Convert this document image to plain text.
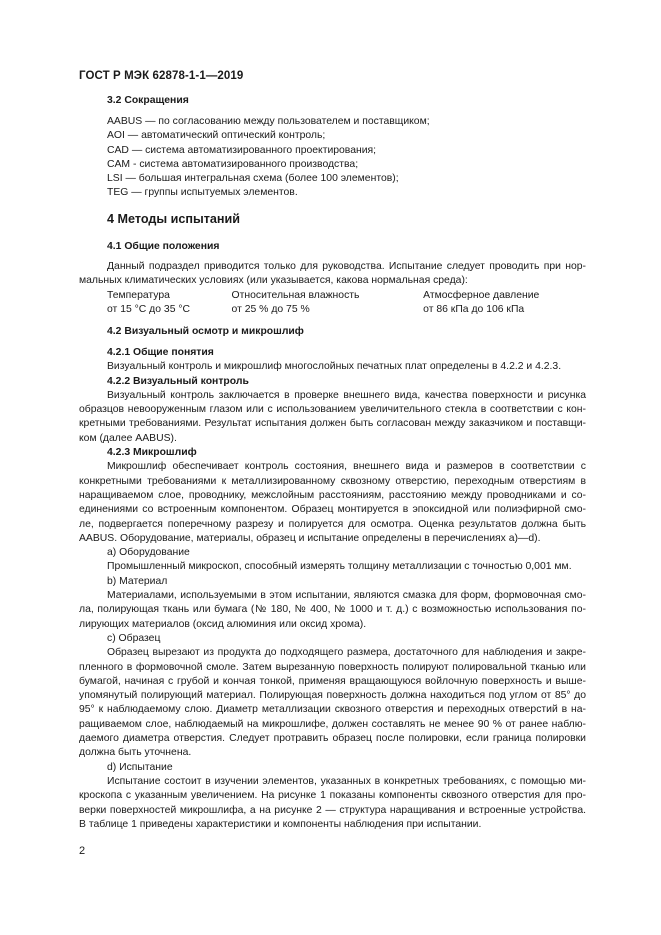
ГОСТ Р МЭК 62878-1-1—2019
3.2 Сокращения
AABUS — по согласованию между пользователем и поставщиком;
AOI — автоматический оптический контроль;
CAD — система автоматизированного проектирования;
CAM - система автоматизированного производства;
LSI — большая интегральная схема (более 100 элементов);
TEG — группы испытуемых элементов.
4 Методы испытаний
4.1 Общие положения
Данный подраздел приводится только для руководства. Испытание следует проводить при нор-
мальных климатических условиях (или указывается, какова нормальная среда):
Температура	Относительная влажность	Атмосферное давление
от 15 °С до 35 °С	от 25 % до 75 %	от 86 кПа до 106 кПа
4.2 Визуальный осмотр и микрошлиф
4.2.1 Общие понятия
Визуальный контроль и микрошлиф многослойных печатных плат определены в 4.2.2 и 4.2.3.
4.2.2 Визуальный контроль
Визуальный контроль заключается в проверке внешнего вида, качества поверхности и рисунка
образцов невооруженным глазом или с использованием увеличительного стекла в соответствии с кон-
кретными требованиями. Результат испытания должен быть согласован между заказчиком и поставщи-
ком (далее AABUS).
4.2.3 Микрошлиф
Микрошлиф обеспечивает контроль состояния, внешнего вида и размеров в соответствии с
конкретными требованиями к металлизированному сквозному отверстию, переходным отверстиям в
наращиваемом слое, проводнику, межслойным расстояниям, расстоянию между проводниками и со-
единениями со встроенным компонентом. Образец монтируется в эпоксидной или полиэфирной смо-
ле, подвергается поперечному разрезу и полируется для осмотра. Оценка результатов должна быть
AABUS. Оборудование, материалы, образец и испытание определены в перечислениях а)—d).
а) Оборудование
Промышленный микроскоп, способный измерять толщину металлизации с точностью 0,001 мм.
b) Материал
Материалами, используемыми в этом испытании, являются смазка для форм, формовочная смо-
ла, полирующая ткань или бумага (№ 180, № 400, № 1000 и т. д.) с возможностью использования по-
лирующих материалов (оксид алюминия или оксид хрома).
с) Образец
Образец вырезают из продукта до подходящего размера, достаточного для наблюдения и закре-
пленного в формовочной смоле. Затем вырезанную поверхность полируют полировальной тканью или
бумагой, начиная с грубой и кончая тонкой, применяя вращающуюся войлочную поверхность и выше-
упомянутый полирующий материал. Полирующая поверхность должна находиться под углом от 85° до
95° к наблюдаемому слою. Диаметр металлизации сквозного отверстия и переходных отверстий в на-
ращиваемом слое, наблюдаемый на микрошлифе, должен составлять не менее 90 % от ранее наблю-
даемого диаметра отверстия. Следует протравить образец после полировки, если граница полировки
должна быть уточнена.
d) Испытание
Испытание состоит в изучении элементов, указанных в конкретных требованиях, с помощью ми-
кроскопа с указанным увеличением. На рисунке 1 показаны компоненты сквозного отверстия для про-
верки поверхностей микрошлифа, а на рисунке 2 — структура наращивания и встроенные устройства.
В таблице 1 приведены характеристики и компоненты наблюдения при испытании.
2
